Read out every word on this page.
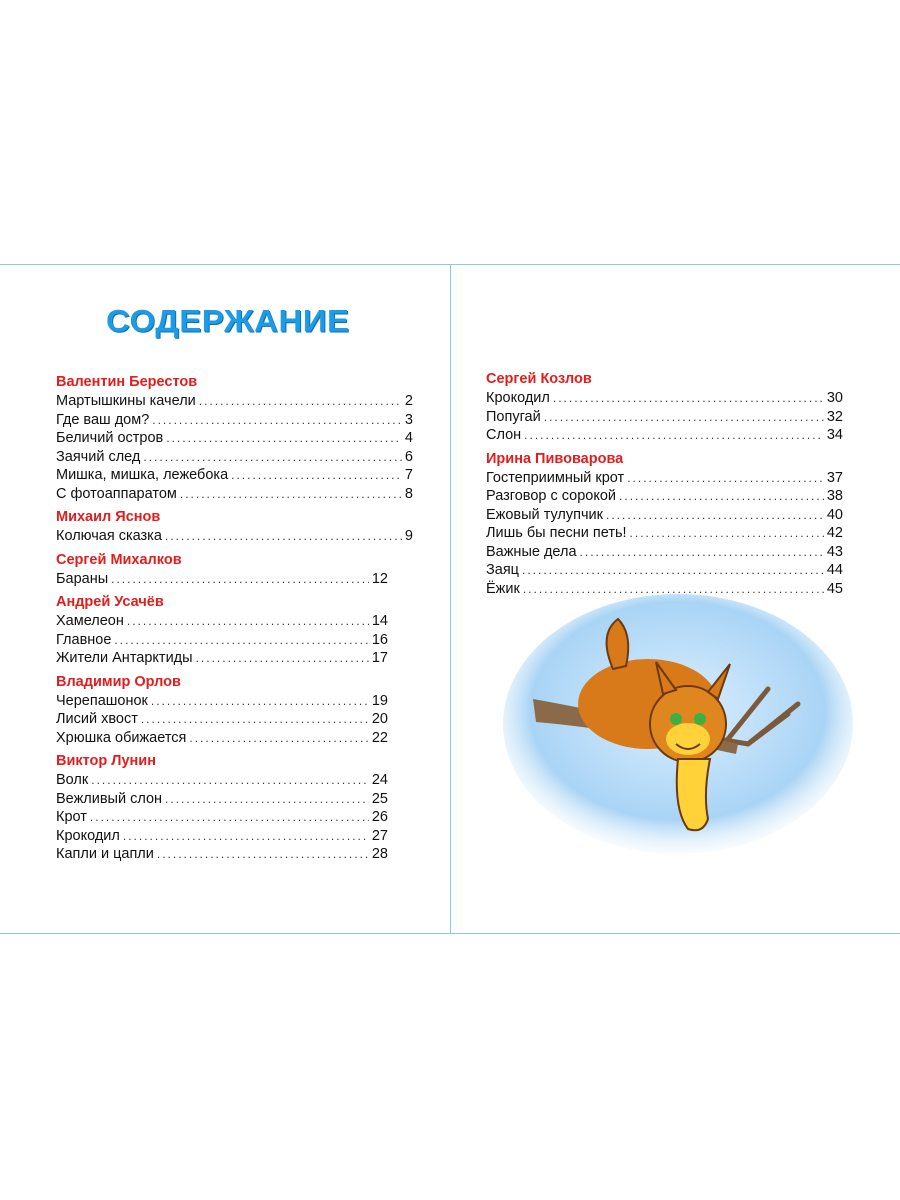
СОДЕРЖАНИЕ
Валентин Берестов
Мартышкины качели .....	2
Где ваш дом? .....	3
Беличий остров .....	4
Заячий след .....	6
Мишка, мишка, лежебока .....	7
С фотоаппаратом .....	8
Михаил Яснов
Колючая сказка .....	9
Сергей Михалков
Бараны .....	12
Андрей Усачёв
Хамелеон .....	14
Главное .....	16
Жители Антарктиды .....	17
Владимир Орлов
Черепашонок .....	19
Лисий хвост .....	20
Хрюшка обижается .....	22
Виктор Лунин
Волк .....	24
Вежливый слон .....	25
Крот .....	26
Крокодил .....	27
Капли и цапли .....	28
Сергей Козлов
Крокодил .....	30
Попугай .....	32
Слон .....	34
Ирина Пивоварова
Гостеприимный крот .....	37
Разговор с сорокой .....	38
Ежовый тулупчик .....	40
Лишь бы песни петь! .....	42
Важные дела .....	43
Заяц .....	44
Ёжик .....	45
